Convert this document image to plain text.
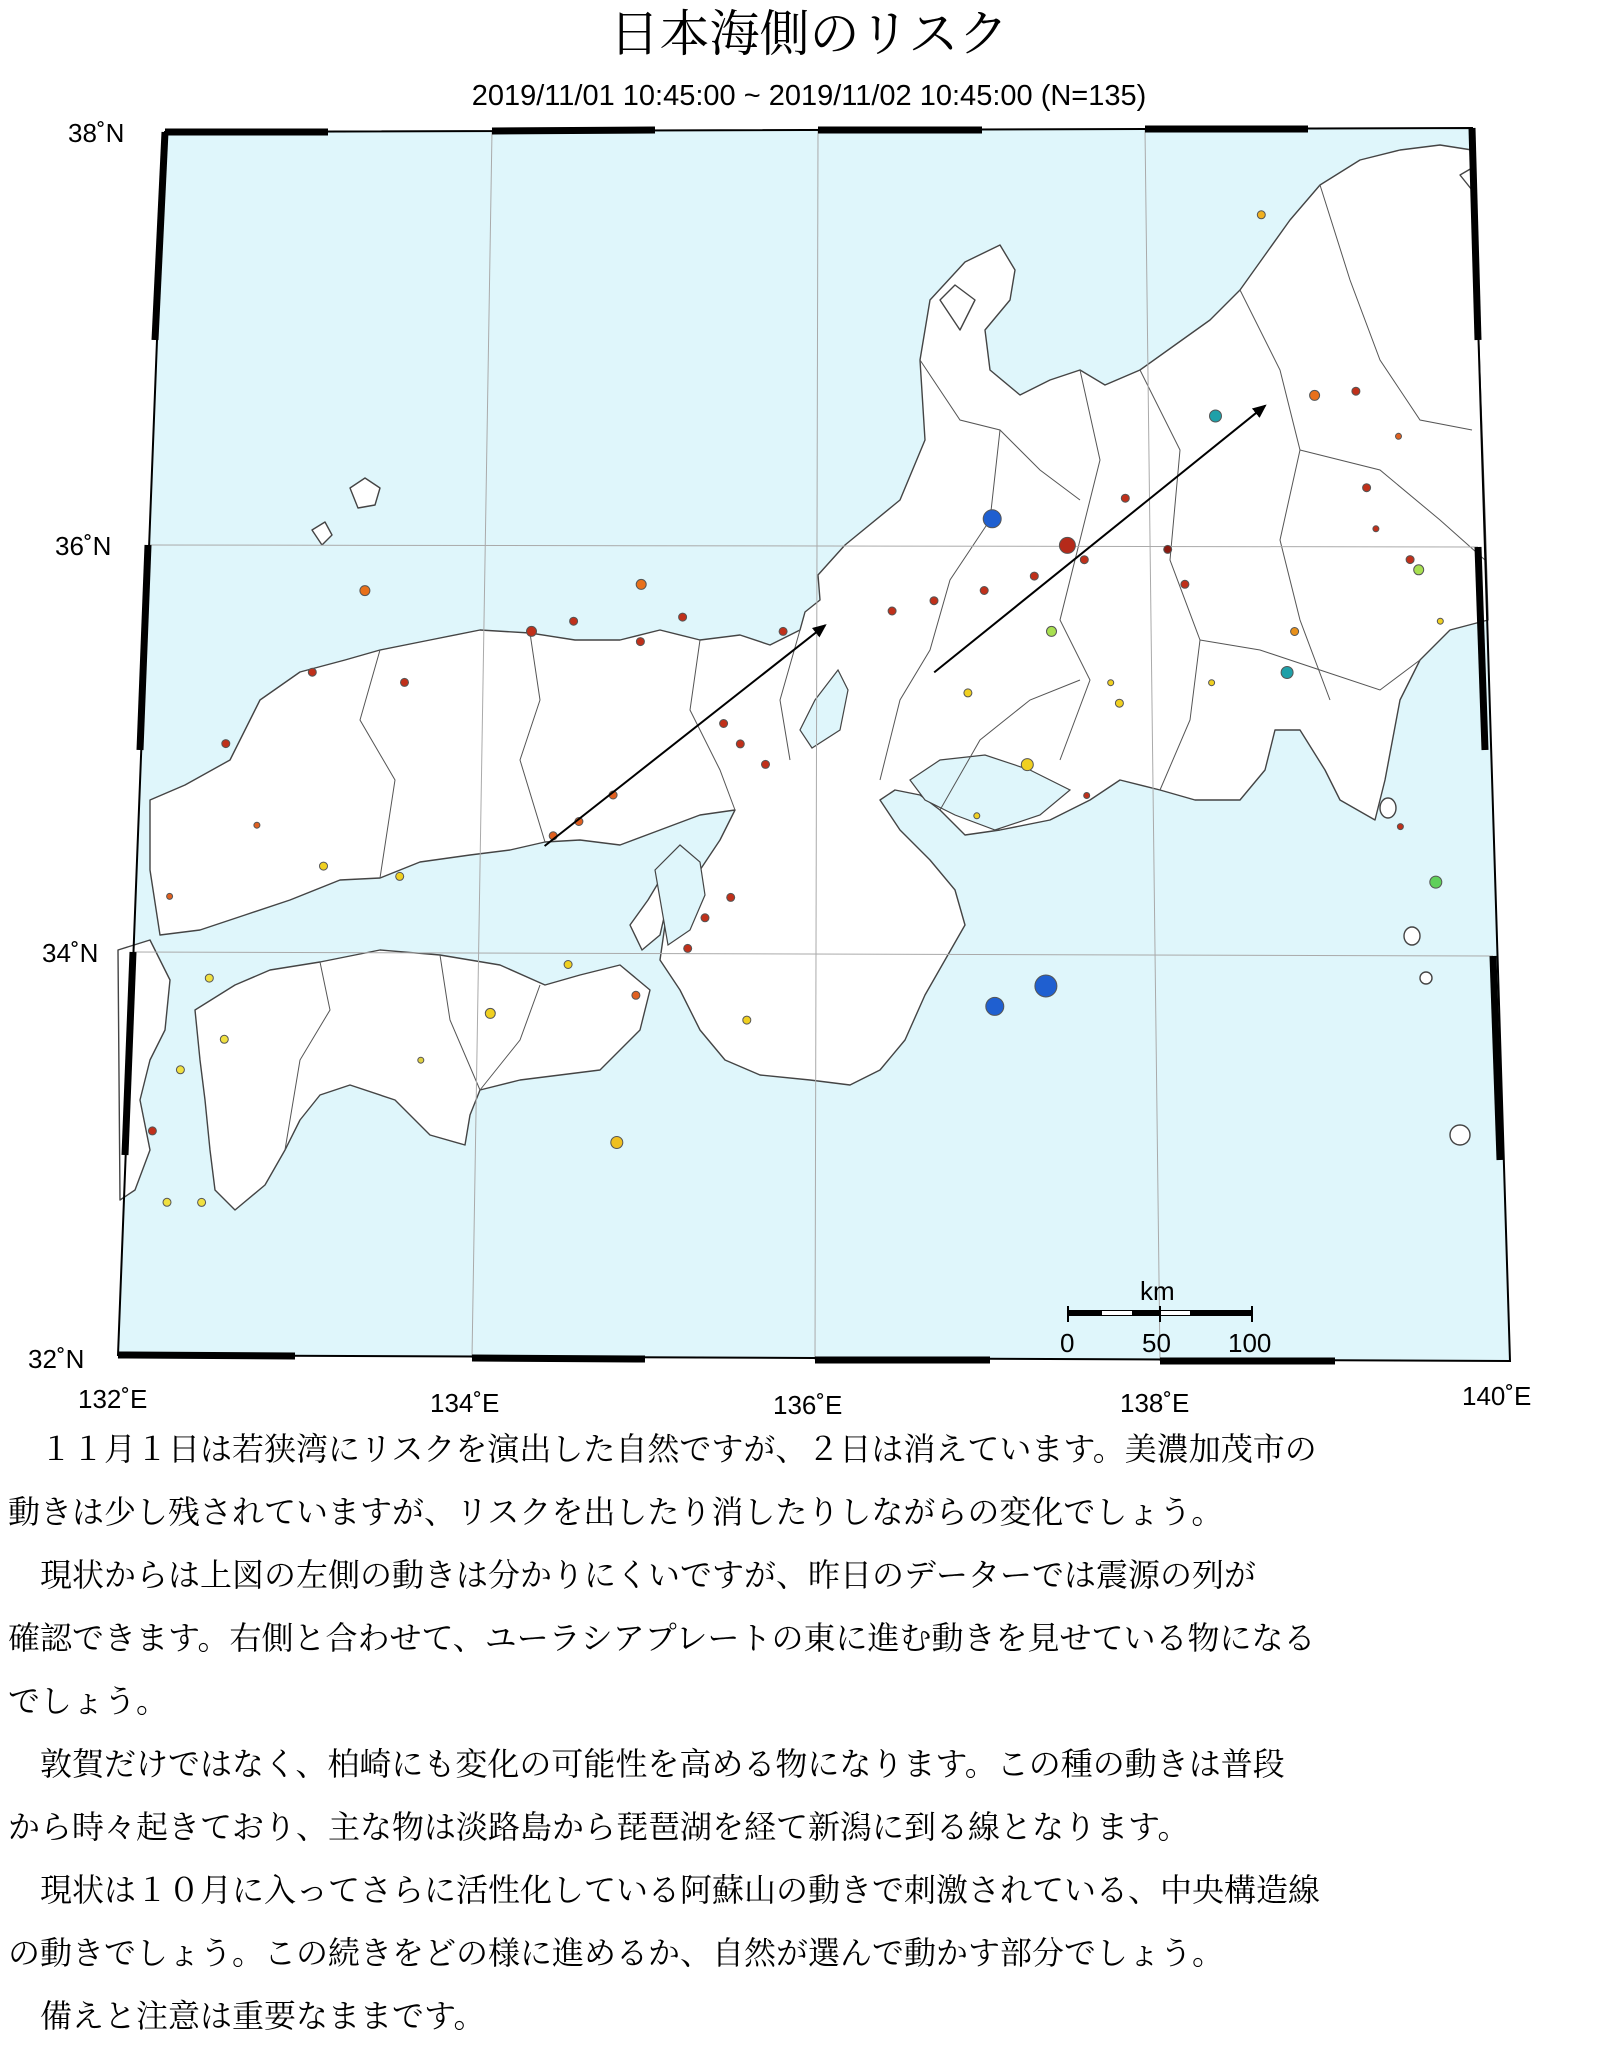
日本海側のリスク
2019/11/01 10:45:00 ~ 2019/11/02 10:45:00 (N=135)
38˚N
36˚N
34˚N
32˚N
132˚E	134˚E	136˚E	138˚E	140˚E
km
0	50 100

　１１月１日は若狭湾にリスクを演出した自然ですが、２日は消えています。美濃加茂市の

動きは少し残されていますが、リスクを出したり消したりしながらの変化でしょう。

　現状からは上図の左側の動きは分かりにくいですが、昨日のデーターでは震源の列が

確認できます。右側と合わせて、ユーラシアプレートの東に進む動きを見せている物になる

でしょう。

　敦賀だけではなく、柏崎にも変化の可能性を高める物になります。この種の動きは普段

から時々起きており、主な物は淡路島から琵琶湖を経て新潟に到る線となります。

　現状は１０月に入ってさらに活性化している阿蘇山の動きで刺激されている、中央構造線

の動きでしょう。この続きをどの様に進めるか、自然が選んで動かす部分でしょう。

　備えと注意は重要なままです。
